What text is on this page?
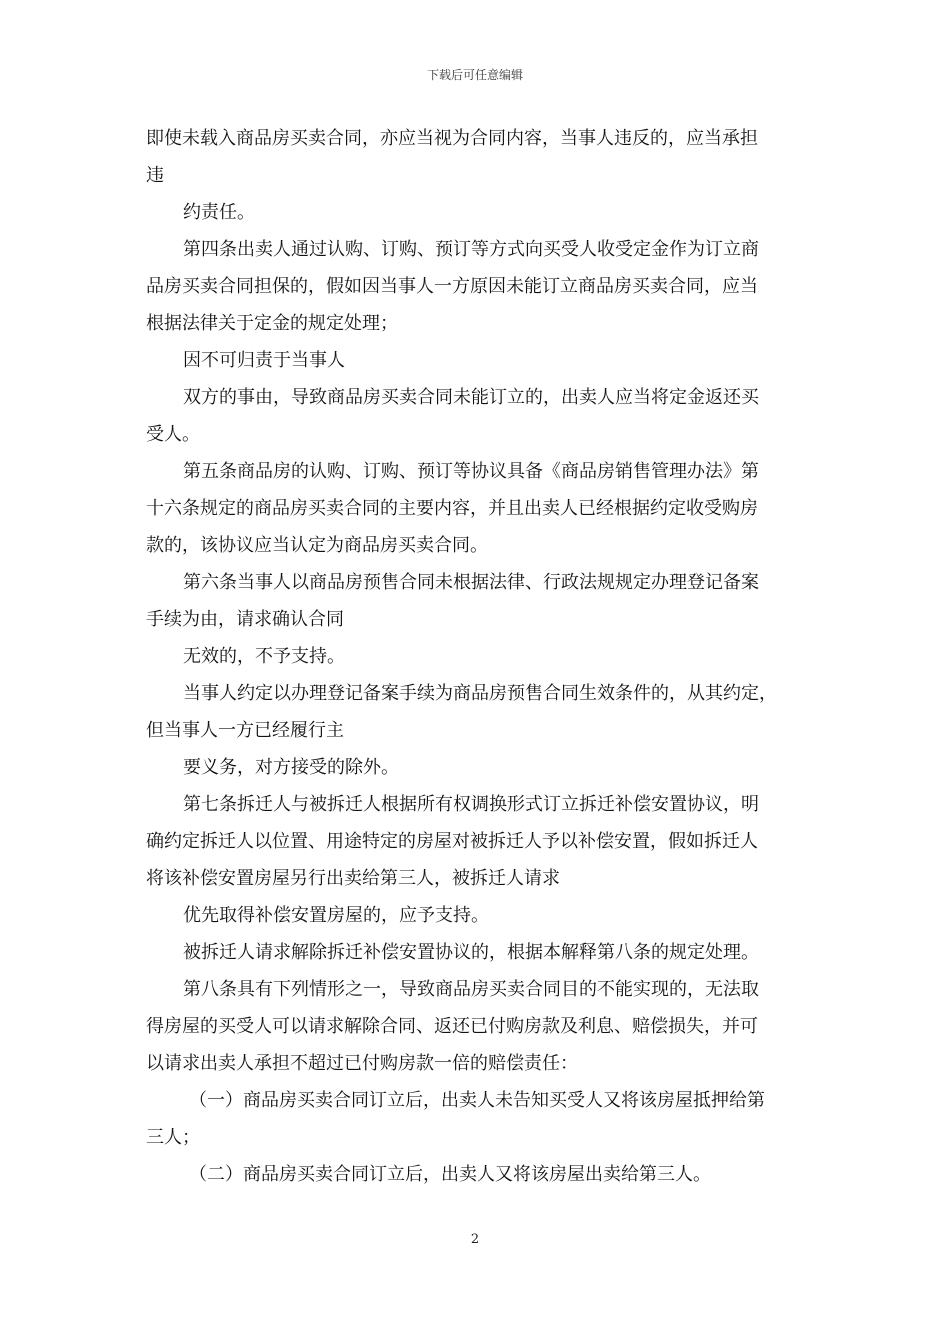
下载后可任意编辑
即使未载入商品房买卖合同，亦应当视为合同内容，当事人违反的，应当承担
违
约责任。
第四条出卖人通过认购、订购、预订等方式向买受人收受定金作为订立商
品房买卖合同担保的，假如因当事人一方原因未能订立商品房买卖合同，应当
根据法律关于定金的规定处理；
因不可归责于当事人
双方的事由，导致商品房买卖合同未能订立的，出卖人应当将定金返还买
受人。
第五条商品房的认购、订购、预订等协议具备《商品房销售管理办法》第
十六条规定的商品房买卖合同的主要内容，并且出卖人已经根据约定收受购房
款的，该协议应当认定为商品房买卖合同。
第六条当事人以商品房预售合同未根据法律、行政法规规定办理登记备案
手续为由，请求确认合同
无效的，不予支持。
当事人约定以办理登记备案手续为商品房预售合同生效条件的，从其约定，
但当事人一方已经履行主
要义务，对方接受的除外。
第七条拆迁人与被拆迁人根据所有权调换形式订立拆迁补偿安置协议，明
确约定拆迁人以位置、用途特定的房屋对被拆迁人予以补偿安置，假如拆迁人
将该补偿安置房屋另行出卖给第三人，被拆迁人请求
优先取得补偿安置房屋的，应予支持。
被拆迁人请求解除拆迁补偿安置协议的，根据本解释第八条的规定处理。
第八条具有下列情形之一，导致商品房买卖合同目的不能实现的，无法取
得房屋的买受人可以请求解除合同、返还已付购房款及利息、赔偿损失，并可
以请求出卖人承担不超过已付购房款一倍的赔偿责任：
（一）商品房买卖合同订立后，出卖人未告知买受人又将该房屋抵押给第
三人；
（二）商品房买卖合同订立后，出卖人又将该房屋出卖给第三人。
2
